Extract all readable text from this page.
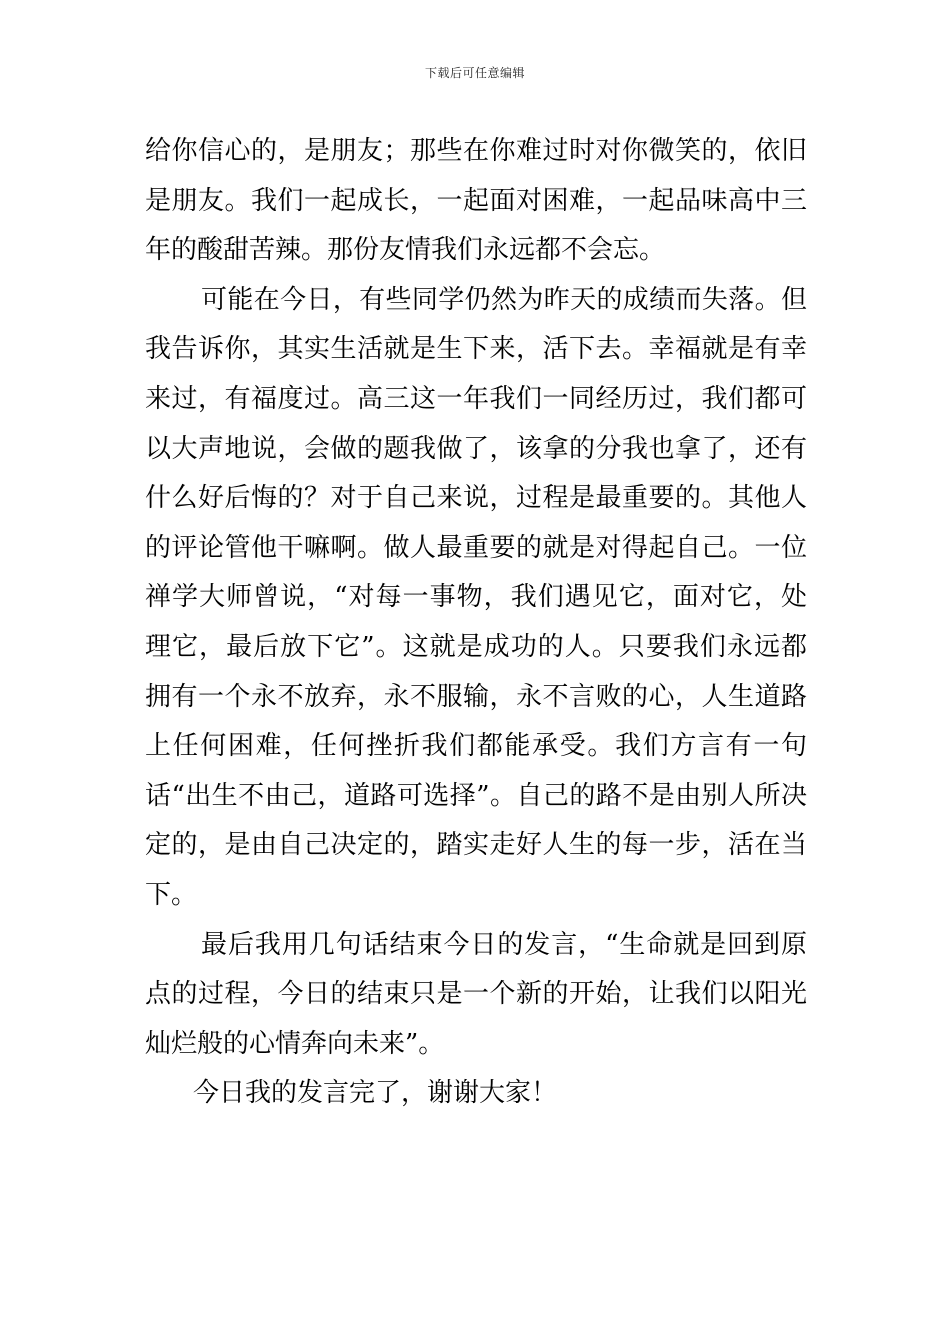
下载后可任意编辑

给你信心的，是朋友；那些在你难过时对你微笑的，依旧是朋友。我们一起成长，一起面对困难，一起品味高中三年的酸甜苦辣。那份友情我们永远都不会忘。

可能在今日，有些同学仍然为昨天的成绩而失落。但我告诉你，其实生活就是生下来，活下去。幸福就是有幸来过，有福度过。高三这一年我们一同经历过，我们都可以大声地说，会做的题我做了，该拿的分我也拿了，还有什么好后悔的？对于自己来说，过程是最重要的。其他人的评论管他干嘛啊。做人最重要的就是对得起自己。一位禅学大师曾说，“对每一事物，我们遇见它，面对它，处理它，最后放下它”。这就是成功的人。只要我们永远都拥有一个永不放弃，永不服输，永不言败的心，人生道路上任何困难，任何挫折我们都能承受。我们方言有一句话“出生不由己，道路可选择”。自己的路不是由别人所决定的，是由自己决定的，踏实走好人生的每一步，活在当下。

最后我用几句话结束今日的发言，“生命就是回到原点的过程，今日的结束只是一个新的开始，让我们以阳光灿烂般的心情奔向未来”。

今日我的发言完了，谢谢大家！
